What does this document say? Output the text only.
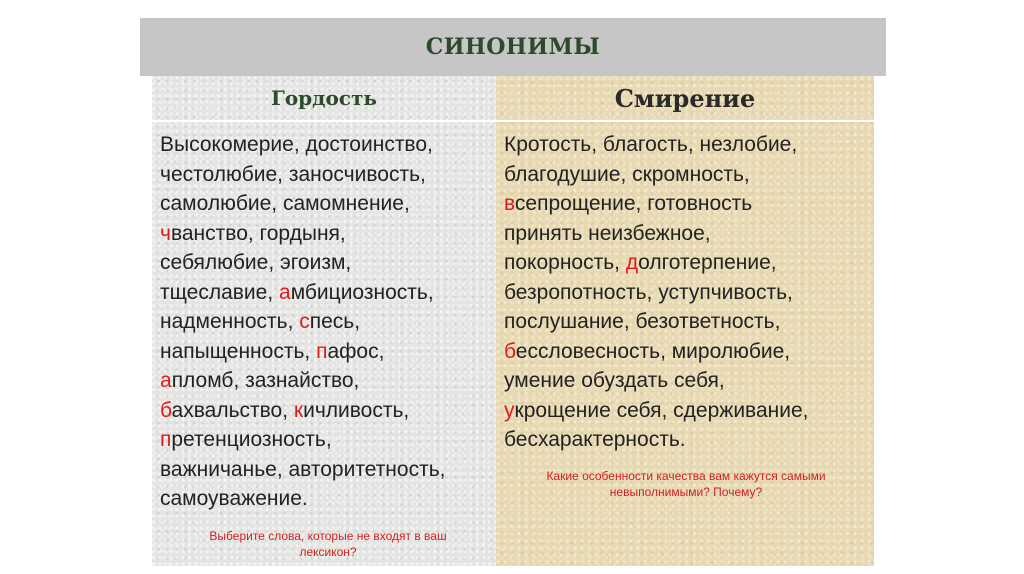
СИНОНИМЫ
Гордость
Высокомерие, достоинство,
честолюбие, заносчивость,
самолюбие, самомнение,
чванство, гордыня,
себялюбие, эгоизм,
тщеславие, амбициозность,
надменность, спесь,
напыщенность, пафос,
апломб, зазнайство,
бахвальство, кичливость,
претенциозность,
важничанье, авторитетность,
самоуважение.
Выберите слова, которые не входят в ваш
лексикон?
Смирение
Кротость, благость, незлобие,
благодушие, скромность,
всепрощение, готовность
принять неизбежное,
покорность, долготерпение,
безропотность, уступчивость,
послушание, безответность,
бессловесность, миролюбие,
умение обуздать себя,
укрощение себя, сдерживание,
бесхарактерность.
Какие особенности качества вам кажутся самыми
невыполнимыми? Почему?
